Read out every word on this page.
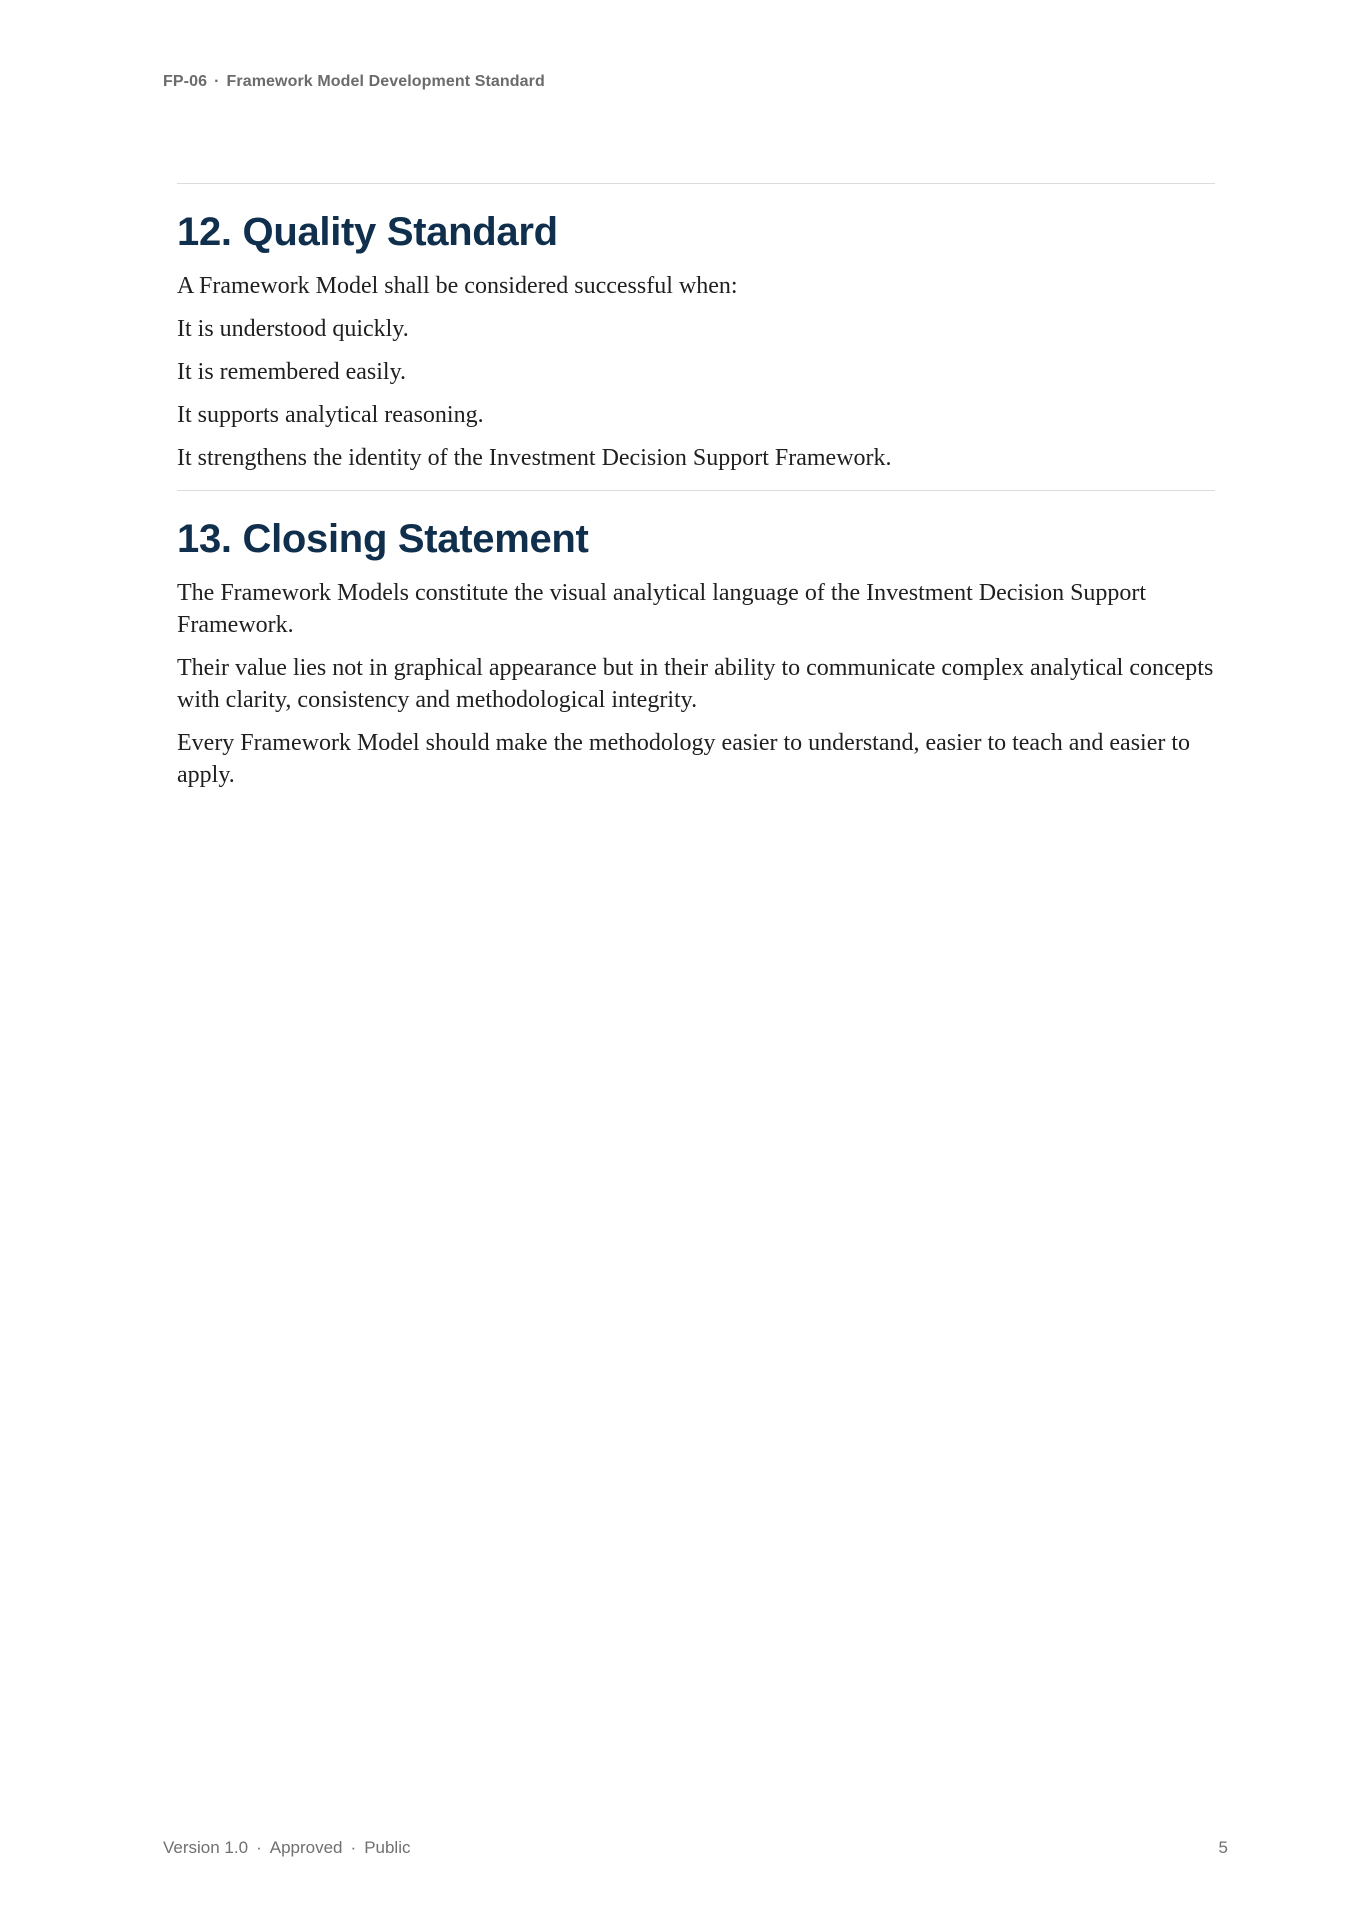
FP-06 · Framework Model Development Standard
12. Quality Standard

A Framework Model shall be considered successful when:

It is understood quickly.

It is remembered easily.

It supports analytical reasoning.

It strengthens the identity of the Investment Decision Support Framework.

13. Closing Statement

The Framework Models constitute the visual analytical language of the Investment Decision Support Framework.

Their value lies not in graphical appearance but in their ability to communicate complex analytical concepts with clarity, consistency and methodological integrity.

Every Framework Model should make the methodology easier to understand, easier to teach and easier to apply.

Version 1.0 · Approved · Public	5
